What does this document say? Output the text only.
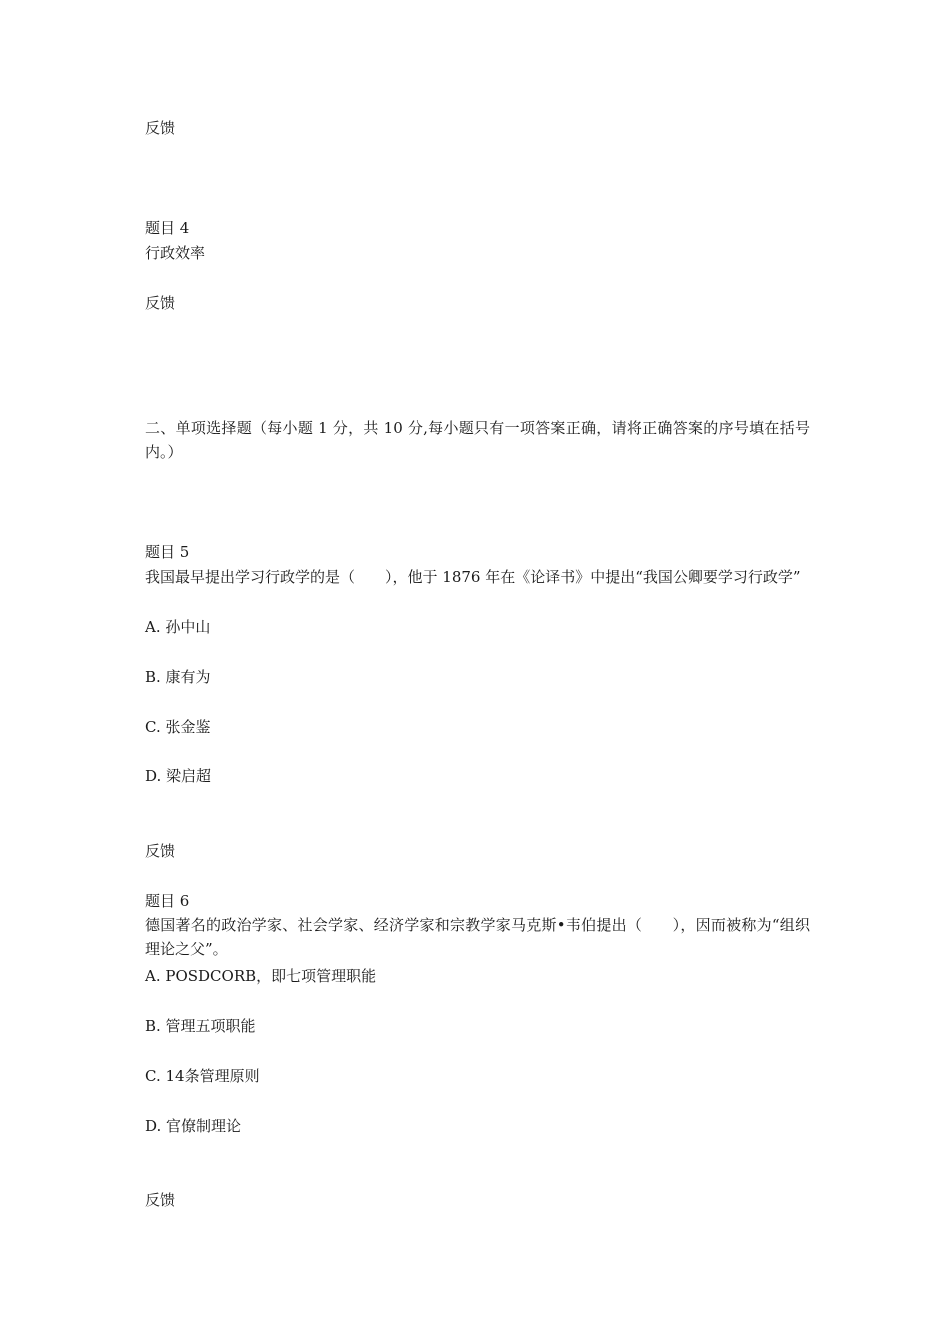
反馈
题目 4
行政效率
反馈
二、单项选择题（每小题 1 分，共 10 分,每小题只有一项答案正确，请将正确答案的序号填在括号内。）
题目 5
我国最早提出学习行政学的是（　　），他于 1876 年在《论译书》中提出“我国公卿要学习行政学”
A. 孙中山
B. 康有为
C. 张金鉴
D. 梁启超
反馈
题目 6
德国著名的政治学家、社会学家、经济学家和宗教学家马克斯•韦伯提出（　　），因而被称为“组织理论之父”。
A. POSDCORB，即七项管理职能
B. 管理五项职能
C. 14条管理原则
D. 官僚制理论
反馈
